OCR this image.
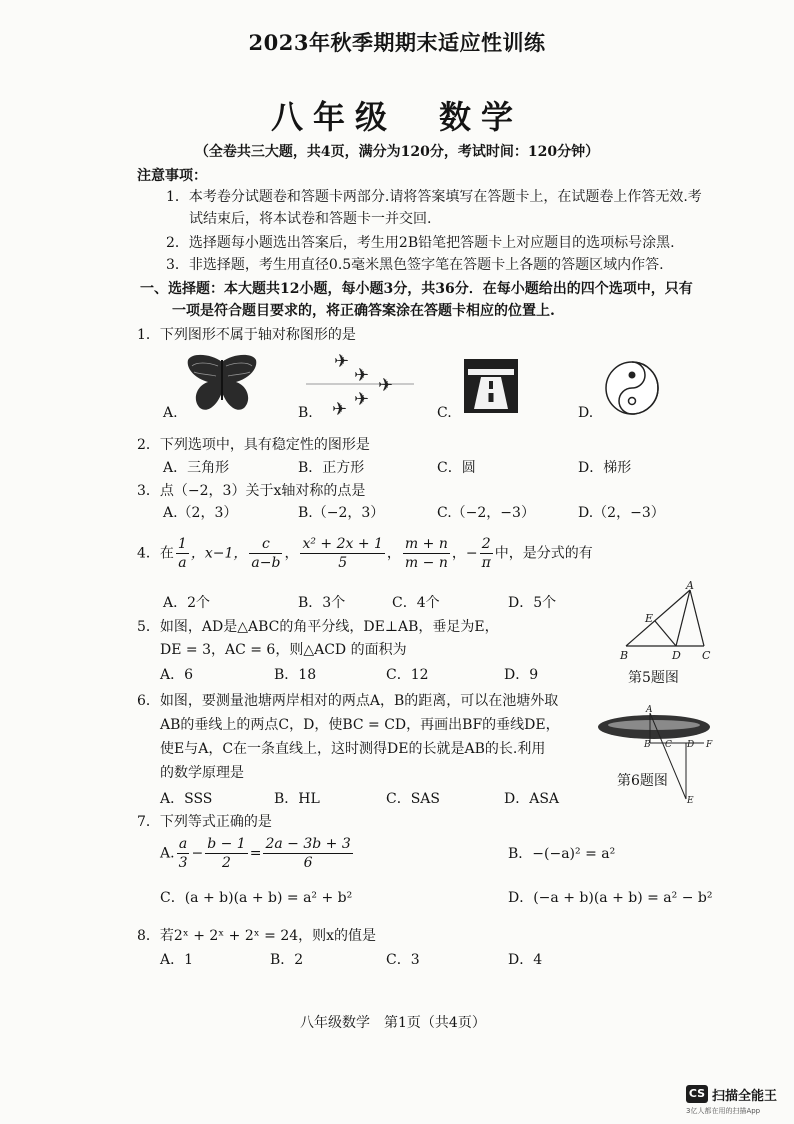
2023年秋季期期末适应性训练
八年级　数学
（全卷共三大题，共4页，满分为120分，考试时间：120分钟）
注意事项：
1．本考卷分试题卷和答题卡两部分.请将答案填写在答题卡上，在试题卷上作答无效.考
试结束后，将本试卷和答题卡一并交回.
2．选择题每小题选出答案后，考生用2B铅笔把答题卡上对应题目的选项标号涂黑.
3．非选择题，考生用直径0.5毫米黑色签字笔在答题卡上各题的答题区域内作答.
一、选择题：本大题共12小题，每小题3分，共36分．在每小题给出的四个选项中，只有
一项是符合题目要求的，将正确答案涂在答题卡相应的位置上.
1．下列图形不属于轴对称图形的是
✈
✈ ✈
✈
✈
A.	B.	C.	D.
2．下列选项中，具有稳定性的图形是
A．三角形	B．正方形	C．圆	D．梯形
3．点（−2，3）关于x轴对称的点是
A.（2，3）	B.（−2，3）	C.（−2，−3）	D.（2，−3）
4．在 $\frac{1}{a}$ ，x−1， $\frac{c}{a-b}$ ， $\frac{\text{x² + 2x + 1}}{5}$ ， $\frac{m + n}{m - n}$ ，− $\frac{2}{\pi}$ 中，是分式的有
A．2个	B．3个	C．4个	D．5个
5．如图，AD是△ABC的角平分线，DE⊥AB，垂足为E，
DE = 3，AC = 6，则△ACD 的面积为
A．6	B．18	C．12	D．9
A
E
B	D C
第5题图
6．如图，要测量池塘两岸相对的两点A，B的距离，可以在池塘外取
AB的垂线上的两点C，D，使BC = CD，再画出BF的垂线DE，
使E与A，C在一条直线上，这时测得DE的长就是AB的长.利用
的数学原理是
A．SSS	B．HL	C．SAS	D．ASA
A
B C D F
E
第6题图
7．下列等式正确的是
A. $\frac{a}{3} - \frac{b - 1}{2} = \frac{2a - 3b + 3}{6}$	B．−(−a)² = a²
C．(a + b)(a + b) = a² + b²	D．(−a + b)(a + b) = a² − b²
8．若2ˣ + 2ˣ + 2ˣ = 24，则x的值是
A．1	B．2	C．3	D．4
八年级数学　第1页（共4页）
CS 扫描全能王
3亿人都在用的扫描App
